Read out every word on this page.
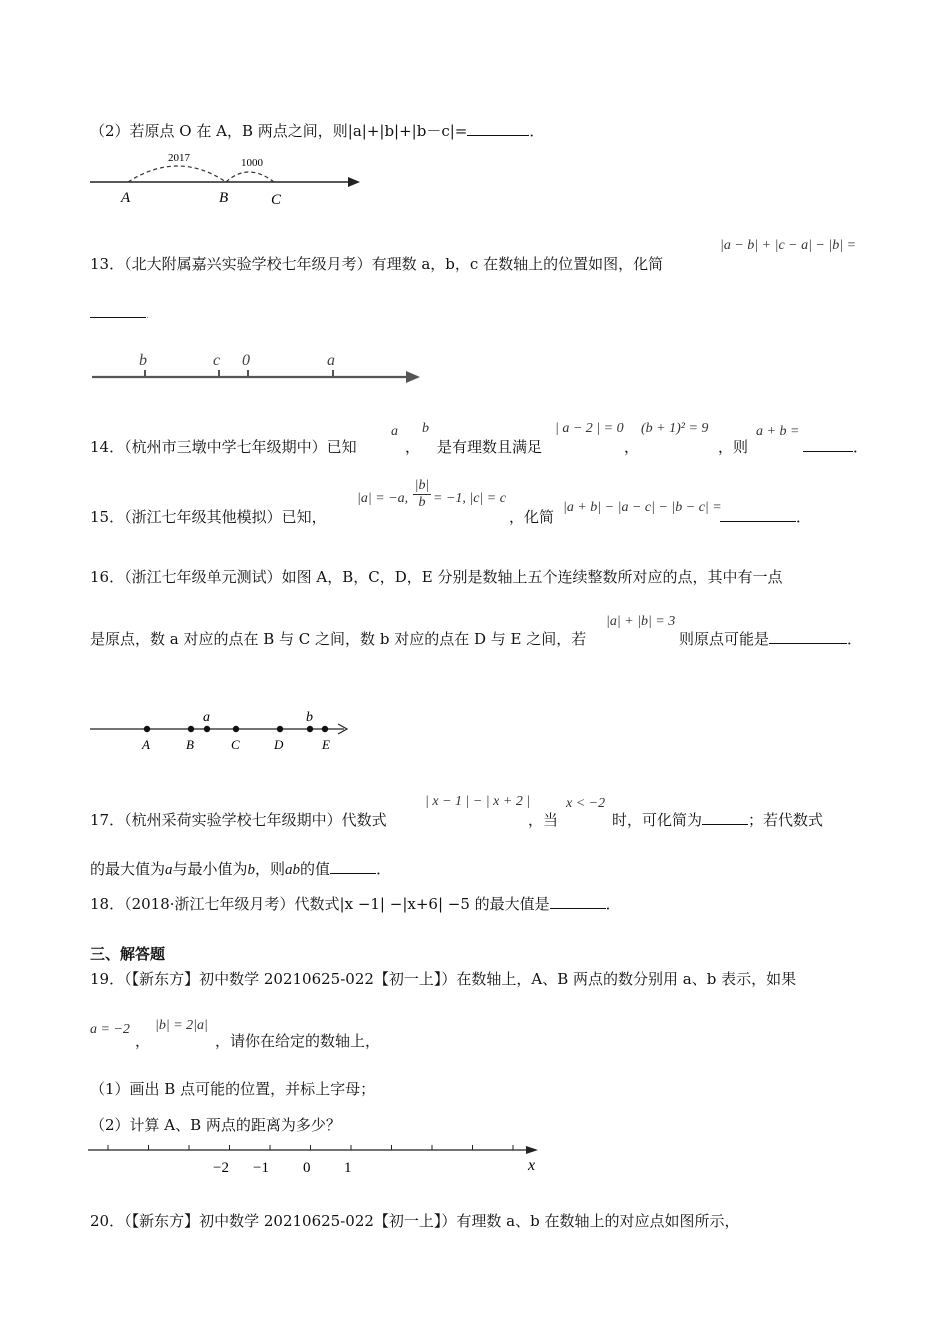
（2）若原点 O 在 A，B 两点之间，则|a|+|b|+|b－c|=	．
2017	1000
A	B	C
13．（北大附属嘉兴实验学校七年级月考）有理数 a，b，c 在数轴上的位置如图，化简
|a − b| + |c − a| − |b| =
.
b	c 0	a
14．（杭州市三墩中学七年级期中）已知
a
，
b
是有理数且满足
| a − 2 | = 0
，
(b + 1)² = 9
，则
a + b =
．
15．（浙江七年级其他模拟）已知，
|a| = −a, $\frac{|b|}{b} = -1$, |c| = c
，化简
|a + b| − |a − c| − |b − c| =
．
16．（浙江七年级单元测试）如图 A，B，C，D，E 分别是数轴上五个连续整数所对应的点，其中有一点
是原点，数 a 对应的点在 B 与 C 之间，数 b 对应的点在 D 与 E 之间，若
|a| + |b| = 3
则原点可能是	．
A	B	C	D	E
a	b
17．（杭州采荷实验学校七年级期中）代数式
| x − 1 | − | x + 2 |
，当
x < −2
时，可化简为	；若代数式
的最大值为a与最小值为b，则ab的值	．
18．（2018·浙江七年级月考）代数式|x −1| −|x+6| −5 的最大值是	．
三、解答题
19．（【新东方】初中数学 20210625-022【初一上】）在数轴上，A、B 两点的数分别用 a、b 表示，如果
a = −2
，
|b| = 2|a|
，请你在给定的数轴上，
（1）画出 B 点可能的位置，并标上字母；
（2）计算 A、B 两点的距离为多少？
−2 −1 0 1	x
20．（【新东方】初中数学 20210625-022【初一上】）有理数 a、b 在数轴上的对应点如图所示，
